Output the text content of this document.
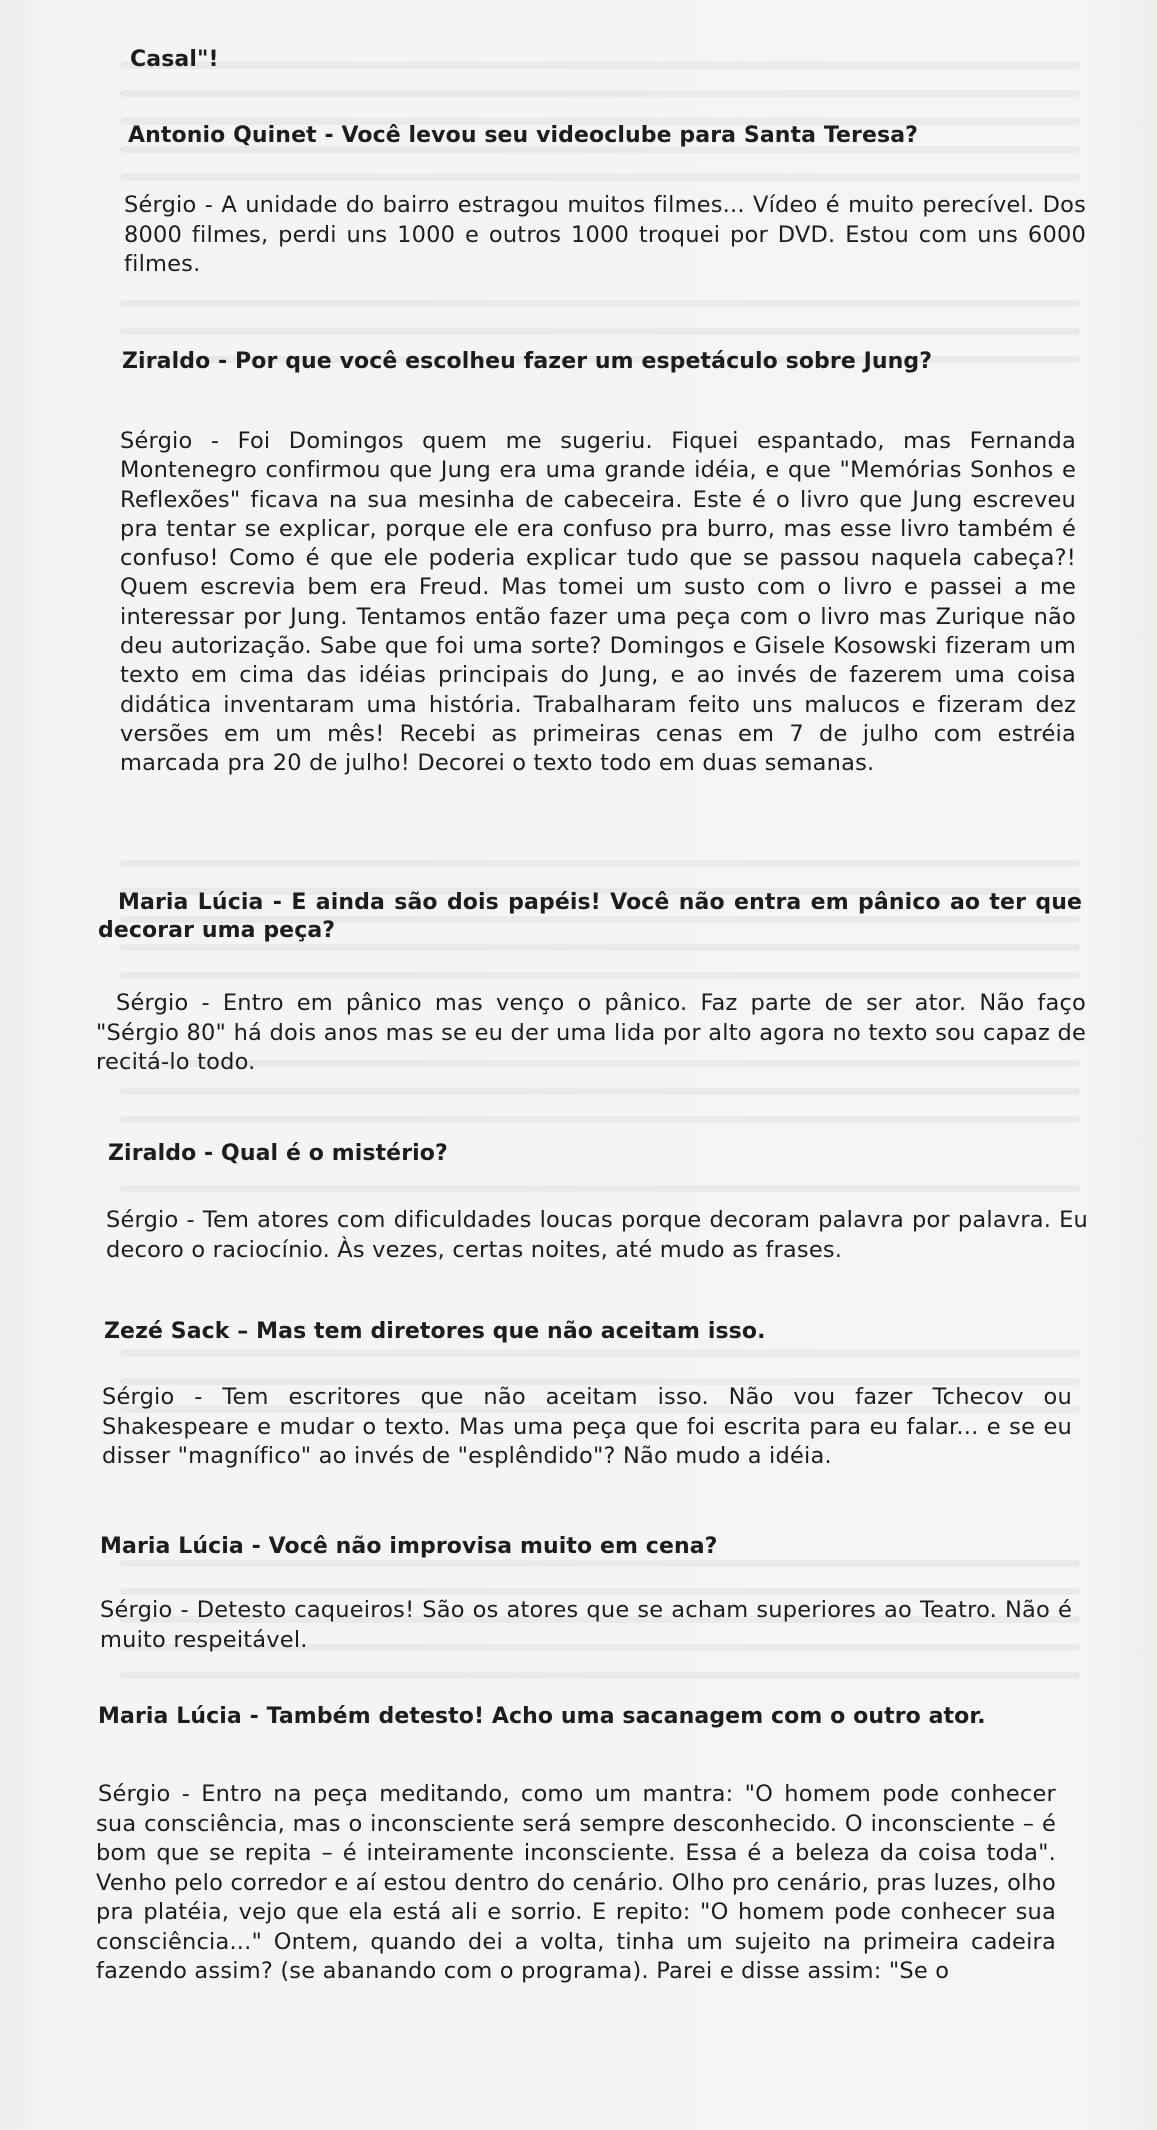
Casal"!
Antonio Quinet - Você levou seu videoclube para Santa Teresa?
Sérgio - A unidade do bairro estragou muitos filmes... Vídeo é muito perecível. Dos 8000 filmes, perdi uns 1000 e outros 1000 troquei por DVD. Estou com uns 6000 filmes.
Ziraldo - Por que você escolheu fazer um espetáculo sobre Jung?
Sérgio - Foi Domingos quem me sugeriu. Fiquei espantado, mas Fernanda Montenegro confirmou que Jung era uma grande idéia, e que "Memórias Sonhos e Reflexões" ficava na sua mesinha de cabeceira. Este é o livro que Jung escreveu pra tentar se explicar, porque ele era confuso pra burro, mas esse livro também é confuso! Como é que ele poderia explicar tudo que se passou naquela cabeça?! Quem escrevia bem era Freud. Mas tomei um susto com o livro e passei a me interessar por Jung. Tentamos então fazer uma peça com o livro mas Zurique não deu autorização. Sabe que foi uma sorte? Domingos e Gisele Kosowski fizeram um texto em cima das idéias principais do Jung, e ao invés de fazerem uma coisa didática inventaram uma história. Trabalharam feito uns malucos e fizeram dez versões em um mês! Recebi as primeiras cenas em 7 de julho com estréia marcada pra 20 de julho! Decorei o texto todo em duas semanas.
Maria Lúcia - E ainda são dois papéis! Você não entra em pânico ao ter que decorar uma peça?
Sérgio - Entro em pânico mas venço o pânico. Faz parte de ser ator. Não faço "Sérgio 80" há dois anos mas se eu der uma lida por alto agora no texto sou capaz de recitá-lo todo.
Ziraldo - Qual é o mistério?
Sérgio - Tem atores com dificuldades loucas porque decoram palavra por palavra. Eu decoro o raciocínio. Às vezes, certas noites, até mudo as frases.
Zezé Sack – Mas tem diretores que não aceitam isso.
Sérgio - Tem escritores que não aceitam isso. Não vou fazer Tchecov ou Shakespeare e mudar o texto. Mas uma peça que foi escrita para eu falar... e se eu disser "magnífico" ao invés de "esplêndido"? Não mudo a idéia.
Maria Lúcia - Você não improvisa muito em cena?
Sérgio - Detesto caqueiros! São os atores que se acham superiores ao Teatro. Não é muito respeitável.
Maria Lúcia - Também detesto! Acho uma sacanagem com o outro ator.
Sérgio - Entro na peça meditando, como um mantra: "O homem pode conhecer sua consciência, mas o inconsciente será sempre desconhecido. O inconsciente – é bom que se repita – é inteiramente inconsciente. Essa é a beleza da coisa toda". Venho pelo corredor e aí estou dentro do cenário. Olho pro cenário, pras luzes, olho pra platéia, vejo que ela está ali e sorrio. E repito: "O homem pode conhecer sua consciência..." Ontem, quando dei a volta, tinha um sujeito na primeira cadeira fazendo assim? (se abanando com o programa). Parei e disse assim: "Se o
